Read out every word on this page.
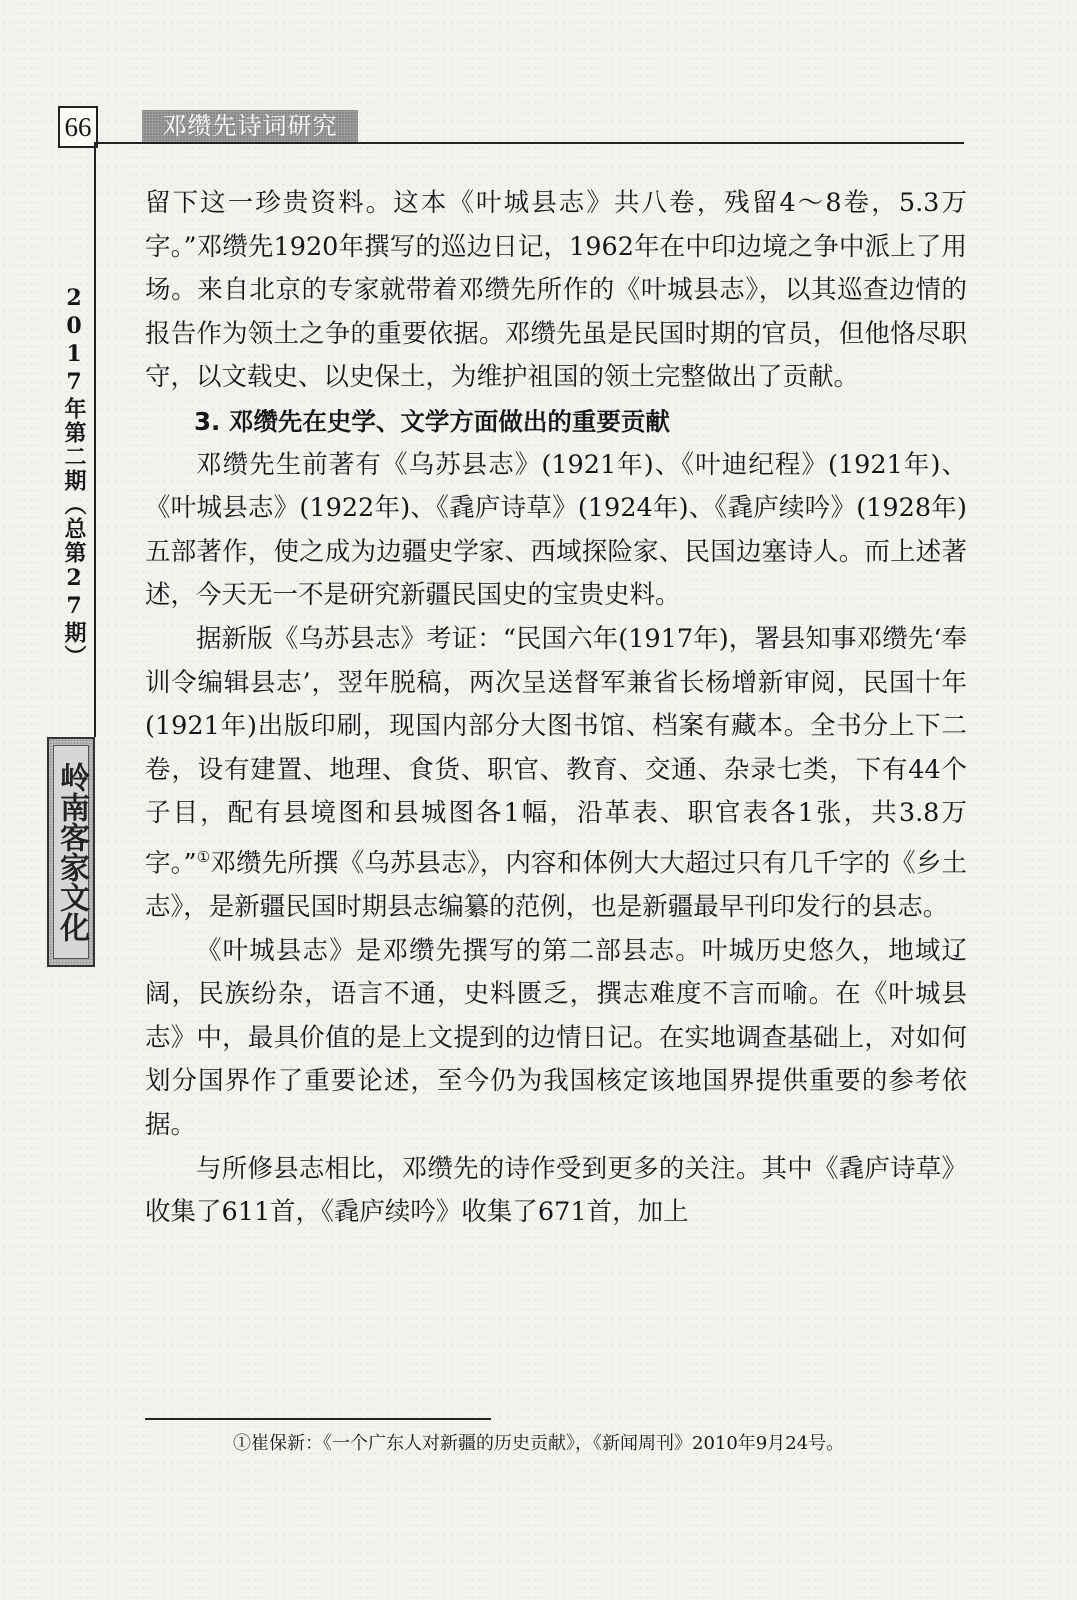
66	邓缵先诗词研究
2017年第二期（总第27期）
岭南客家文化

留下这一珍贵资料。这本《叶城县志》共八卷，残留4～8卷，5.3万字。”邓缵先1920年撰写的巡边日记，1962年在中印边境之争中派上了用场。来自北京的专家就带着邓缵先所作的《叶城县志》，以其巡查边情的报告作为领土之争的重要依据。邓缵先虽是民国时期的官员，但他恪尽职守，以文载史、以史保土，为维护祖国的领土完整做出了贡献。

3. 邓缵先在史学、文学方面做出的重要贡献

邓缵先生前著有《乌苏县志》(1921年)、《叶迪纪程》(1921年)、《叶城县志》(1922年)、《毳庐诗草》(1924年)、《毳庐续吟》(1928年)五部著作，使之成为边疆史学家、西域探险家、民国边塞诗人。而上述著述，今天无一不是研究新疆民国史的宝贵史料。

据新版《乌苏县志》考证：“民国六年(1917年)，署县知事邓缵先‘奉训令编辑县志’，翌年脱稿，两次呈送督军兼省长杨增新审阅，民国十年(1921年)出版印刷，现国内部分大图书馆、档案有藏本。全书分上下二卷，设有建置、地理、食货、职官、教育、交通、杂录七类，下有44个子目，配有县境图和县城图各1幅，沿革表、职官表各1张，共3.8万字。”①邓缵先所撰《乌苏县志》，内容和体例大大超过只有几千字的《乡土志》，是新疆民国时期县志编纂的范例，也是新疆最早刊印发行的县志。

《叶城县志》是邓缵先撰写的第二部县志。叶城历史悠久，地域辽阔，民族纷杂，语言不通，史料匮乏，撰志难度不言而喻。在《叶城县志》中，最具价值的是上文提到的边情日记。在实地调查基础上，对如何划分国界作了重要论述，至今仍为我国核定该地国界提供重要的参考依据。

与所修县志相比，邓缵先的诗作受到更多的关注。其中《毳庐诗草》收集了611首，《毳庐续吟》收集了671首，加上

①崔保新：《一个广东人对新疆的历史贡献》，《新闻周刊》2010年9月24号。
